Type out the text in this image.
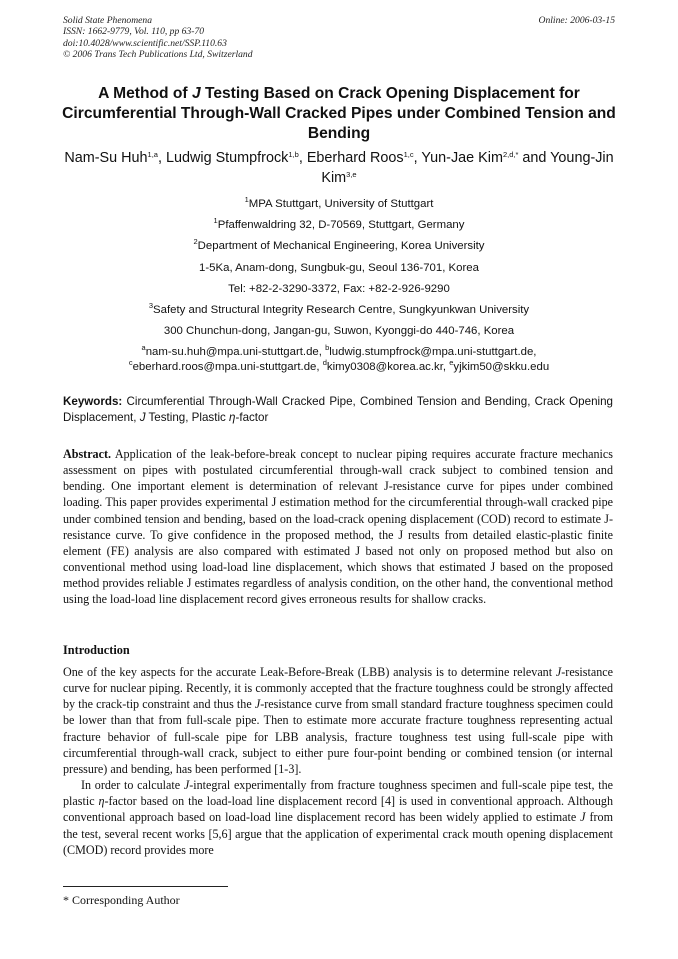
Solid State Phenomena
ISSN: 1662-9779, Vol. 110, pp 63-70
doi:10.4028/www.scientific.net/SSP.110.63
© 2006 Trans Tech Publications Ltd, Switzerland
Online: 2006-03-15
A Method of J Testing Based on Crack Opening Displacement for Circumferential Through-Wall Cracked Pipes under Combined Tension and Bending
Nam-Su Huh$^{1,a}$, Ludwig Stumpfrock$^{1,b}$, Eberhard Roos$^{1,c}$, Yun-Jae Kim$^{2,d,*}$ and Young-Jin Kim$^{3,e}$
$^1$MPA Stuttgart, University of Stuttgart
$^1$Pfaffenwaldring 32, D-70569, Stuttgart, Germany
$^2$Department of Mechanical Engineering, Korea University
1-5Ka, Anam-dong, Sungbuk-gu, Seoul 136-701, Korea
Tel: +82-2-3290-3372, Fax: +82-2-926-9290
$^3$Safety and Structural Integrity Research Centre, Sungkyunkwan University
300 Chunchun-dong, Jangan-gu, Suwon, Kyonggi-do 440-746, Korea
$^a$nam-su.huh@mpa.uni-stuttgart.de, $^b$ludwig.stumpfrock@mpa.uni-stuttgart.de,
$^c$eberhard.roos@mpa.uni-stuttgart.de, $^d$kimy0308@korea.ac.kr, $^e$yjkim50@skku.edu
Keywords: Circumferential Through-Wall Cracked Pipe, Combined Tension and Bending, Crack Opening Displacement, J Testing, Plastic η-factor
Abstract. Application of the leak-before-break concept to nuclear piping requires accurate fracture mechanics assessment on pipes with postulated circumferential through-wall crack subject to combined tension and bending. One important element is determination of relevant J-resistance curve for pipes under combined loading. This paper provides experimental J estimation method for the circumferential through-wall cracked pipe under combined tension and bending, based on the load-crack opening displacement (COD) record to estimate J-resistance curve. To give confidence in the proposed method, the J results from detailed elastic-plastic finite element (FE) analysis are also compared with estimated J based not only on proposed method but also on conventional method using load-load line displacement, which shows that estimated J based on the proposed method provides reliable J estimates regardless of analysis condition, on the other hand, the conventional method using the load-load line displacement record gives erroneous results for shallow cracks.
Introduction

One of the key aspects for the accurate Leak-Before-Break (LBB) analysis is to determine relevant J-resistance curve for nuclear piping. Recently, it is commonly accepted that the fracture toughness could be strongly affected by the crack-tip constraint and thus the J-resistance curve from small standard fracture toughness specimen could be lower than that from full-scale pipe. Then to estimate more accurate fracture toughness representing actual fracture behavior of full-scale pipe for LBB analysis, fracture toughness test using full-scale pipe with circumferential through-wall crack, subject to either pure four-point bending or combined tension (or internal pressure) and bending, has been performed [1-3].

In order to calculate J-integral experimentally from fracture toughness specimen and full-scale pipe test, the plastic η-factor based on the load-load line displacement record [4] is used in conventional approach. Although conventional approach based on load-load line displacement record has been widely applied to estimate J from the test, several recent works [5,6] argue that the application of experimental crack mouth opening displacement (CMOD) record provides more

* Corresponding Author
